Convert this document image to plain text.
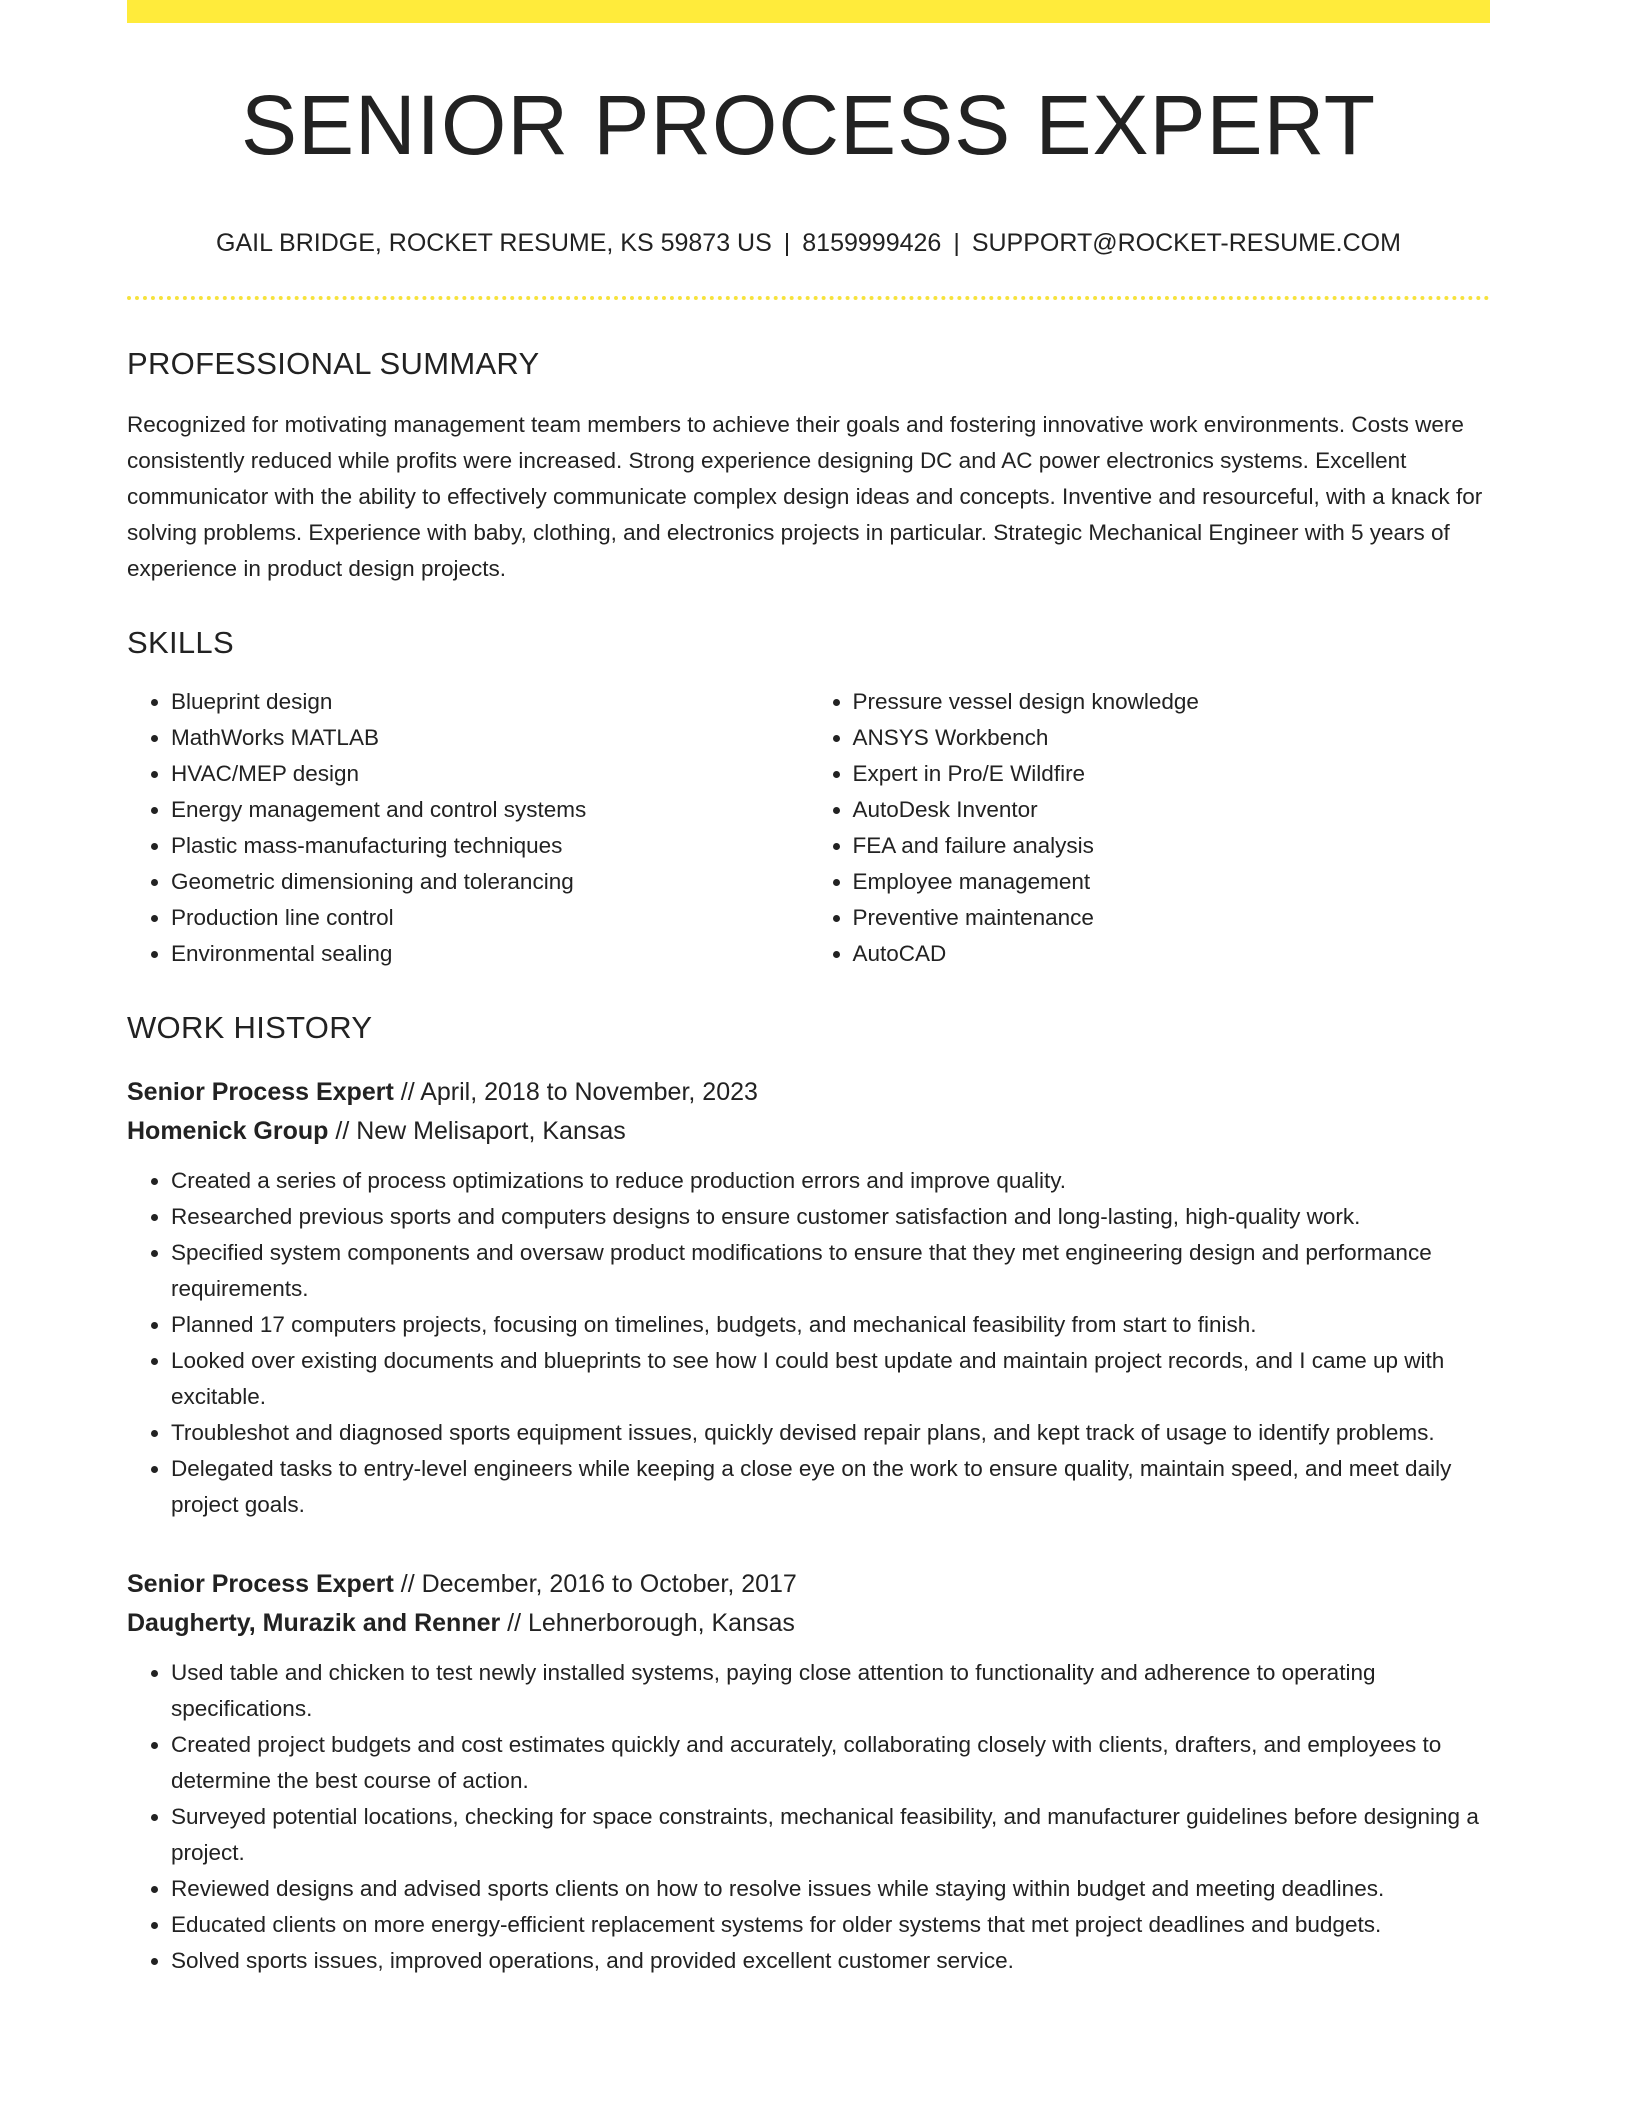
SENIOR PROCESS EXPERT
GAIL BRIDGE, ROCKET RESUME, KS 59873 US | 8159999426 | SUPPORT@ROCKET-RESUME.COM
PROFESSIONAL SUMMARY

Recognized for motivating management team members to achieve their goals and fostering innovative work environments. Costs were consistently reduced while profits were increased. Strong experience designing DC and AC power electronics systems. Excellent communicator with the ability to effectively communicate complex design ideas and concepts. Inventive and resourceful, with a knack for solving problems. Experience with baby, clothing, and electronics projects in particular. Strategic Mechanical Engineer with 5 years of experience in product design projects.

SKILLS
• Blueprint design
• MathWorks MATLAB
• HVAC/MEP design
• Energy management and control systems
• Plastic mass-manufacturing techniques
• Geometric dimensioning and tolerancing
• Production line control
• Environmental sealing
• Pressure vessel design knowledge
• ANSYS Workbench
• Expert in Pro/E Wildfire
• AutoDesk Inventor
• FEA and failure analysis
• Employee management
• Preventive maintenance
• AutoCAD
WORK HISTORY
Senior Process Expert // April, 2018 to November, 2023
Homenick Group // New Melisaport, Kansas
• Created a series of process optimizations to reduce production errors and improve quality.
• Researched previous sports and computers designs to ensure customer satisfaction and long-lasting, high-quality work.
• Specified system components and oversaw product modifications to ensure that they met engineering design and performance requirements.
• Planned 17 computers projects, focusing on timelines, budgets, and mechanical feasibility from start to finish.
• Looked over existing documents and blueprints to see how I could best update and maintain project records, and I came up with excitable.
• Troubleshot and diagnosed sports equipment issues, quickly devised repair plans, and kept track of usage to identify problems.
• Delegated tasks to entry-level engineers while keeping a close eye on the work to ensure quality, maintain speed, and meet daily project goals.
Senior Process Expert // December, 2016 to October, 2017
Daugherty, Murazik and Renner // Lehnerborough, Kansas
• Used table and chicken to test newly installed systems, paying close attention to functionality and adherence to operating specifications.
• Created project budgets and cost estimates quickly and accurately, collaborating closely with clients, drafters, and employees to determine the best course of action.
• Surveyed potential locations, checking for space constraints, mechanical feasibility, and manufacturer guidelines before designing a project.
• Reviewed designs and advised sports clients on how to resolve issues while staying within budget and meeting deadlines.
• Educated clients on more energy-efficient replacement systems for older systems that met project deadlines and budgets.
• Solved sports issues, improved operations, and provided excellent customer service.
